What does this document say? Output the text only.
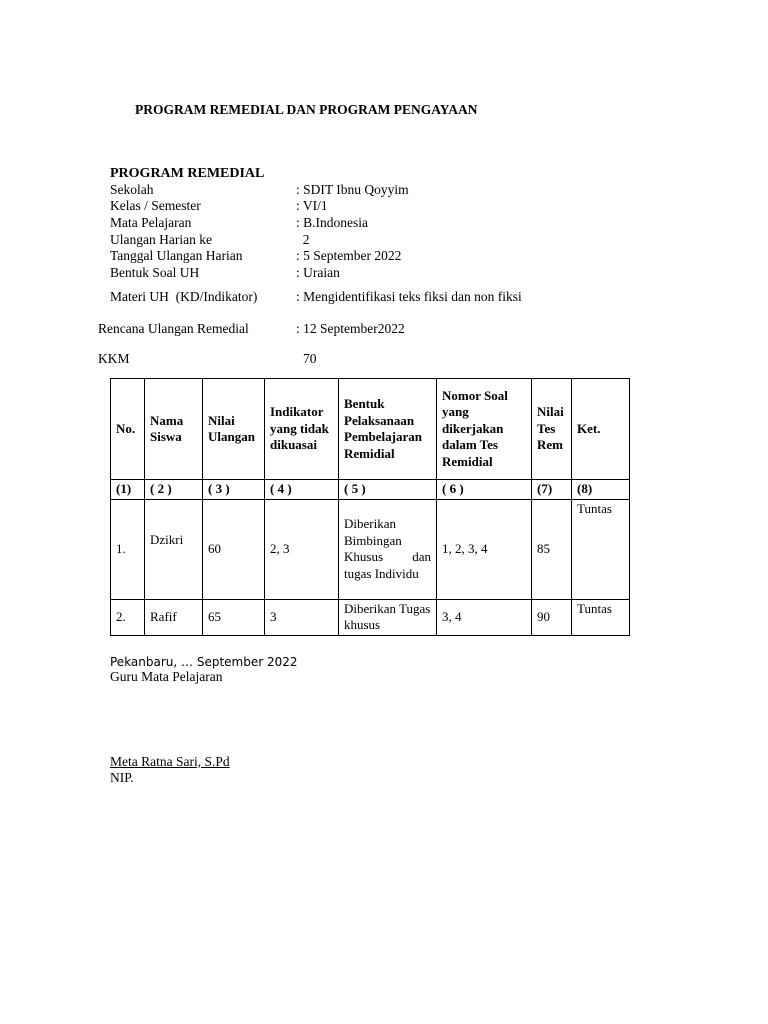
PROGRAM REMEDIAL DAN PROGRAM PENGAYAAN
PROGRAM REMEDIAL
Sekolah	: SDIT Ibnu Qoyyim
Kelas / Semester	: VI/1
Mata Pelajaran	: B.Indonesia
Ulangan Harian ke	2
Tanggal Ulangan Harian	: 5 September 2022
Bentuk Soal UH	: Uraian
Materi UH  (KD/Indikator)	: Mengidentifikasi teks fiksi dan non fiksi
Rencana Ulangan Remedial	: 12 September2022
KKM	70
No.	Nama Siswa	Nilai Ulangan	Indikator yang tidak dikuasai	Bentuk Pelaksanaan Pembelajaran Remidial	Nomor Soal yang dikerjakan dalam Tes Remidial	Nilai Tes Rem	Ket.
(1)	( 2 )	( 3 )	( 4 )	( 5 )	( 6 )	(7)	(8)
1.	Dzikri	60	2, 3	Diberikan Bimbingan Khusus dan tugas Individu	1, 2, 3, 4	85	Tuntas
2.	Rafif	65	3	Diberikan Tugas khusus	3, 4	90	Tuntas
Pekanbaru, … September 2022
Guru Mata Pelajaran
Meta Ratna Sari, S.Pd
NIP.
